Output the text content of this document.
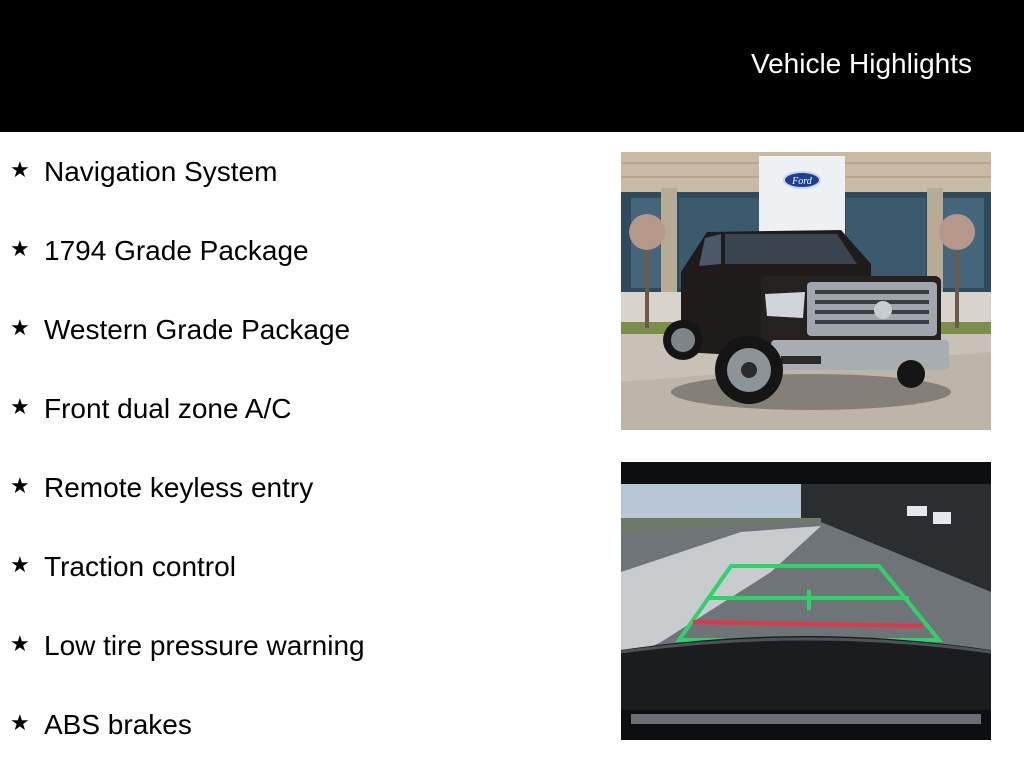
Vehicle Highlights
★ Navigation System
★ 1794 Grade Package
★ Western Grade Package
★ Front dual zone A/C
★ Remote keyless entry
★ Traction control
★ Low tire pressure warning
★ ABS brakes
Ford
